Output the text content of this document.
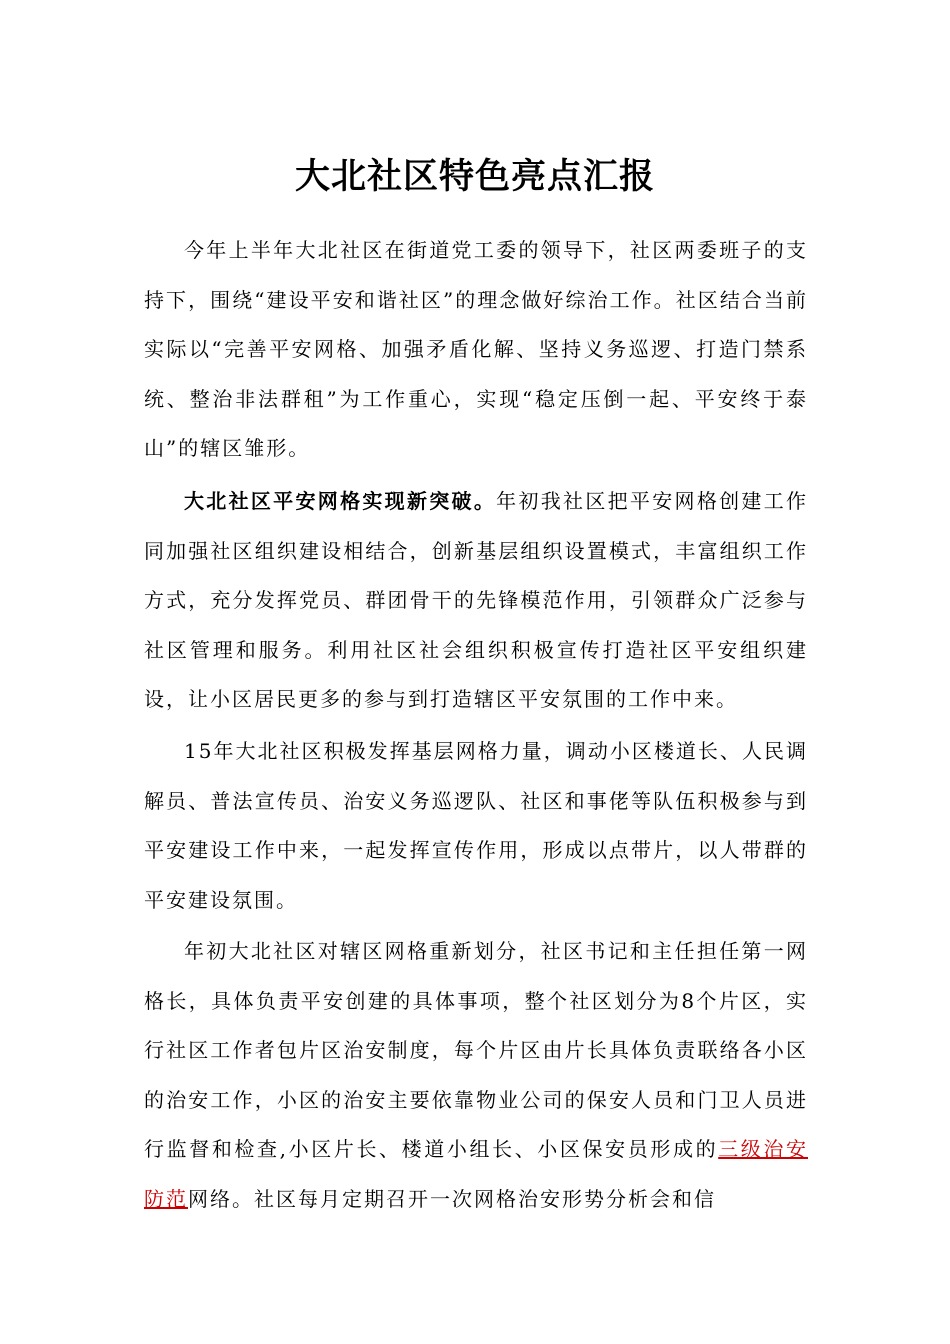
大北社区特色亮点汇报

今年上半年大北社区在街道党工委的领导下，社区两委班子的支持下，围绕“建设平安和谐社区”的理念做好综治工作。社区结合当前实际以“完善平安网格、加强矛盾化解、坚持义务巡逻、打造门禁系统、整治非法群租”为工作重心，实现“稳定压倒一起、平安终于泰山”的辖区雏形。

大北社区平安网格实现新突破。年初我社区把平安网格创建工作同加强社区组织建设相结合，创新基层组织设置模式，丰富组织工作方式，充分发挥党员、群团骨干的先锋模范作用，引领群众广泛参与社区管理和服务。利用社区社会组织积极宣传打造社区平安组织建设，让小区居民更多的参与到打造辖区平安氛围的工作中来。

15年大北社区积极发挥基层网格力量，调动小区楼道长、人民调解员、普法宣传员、治安义务巡逻队、社区和事佬等队伍积极参与到平安建设工作中来，一起发挥宣传作用，形成以点带片，以人带群的平安建设氛围。

年初大北社区对辖区网格重新划分，社区书记和主任担任第一网格长，具体负责平安创建的具体事项，整个社区划分为8个片区，实行社区工作者包片区治安制度，每个片区由片长具体负责联络各小区的治安工作，小区的治安主要依靠物业公司的保安人员和门卫人员进行监督和检查,小区片长、楼道小组长、小区保安员形成的三级治安防范网络。社区每月定期召开一次网格治安形势分析会和信
